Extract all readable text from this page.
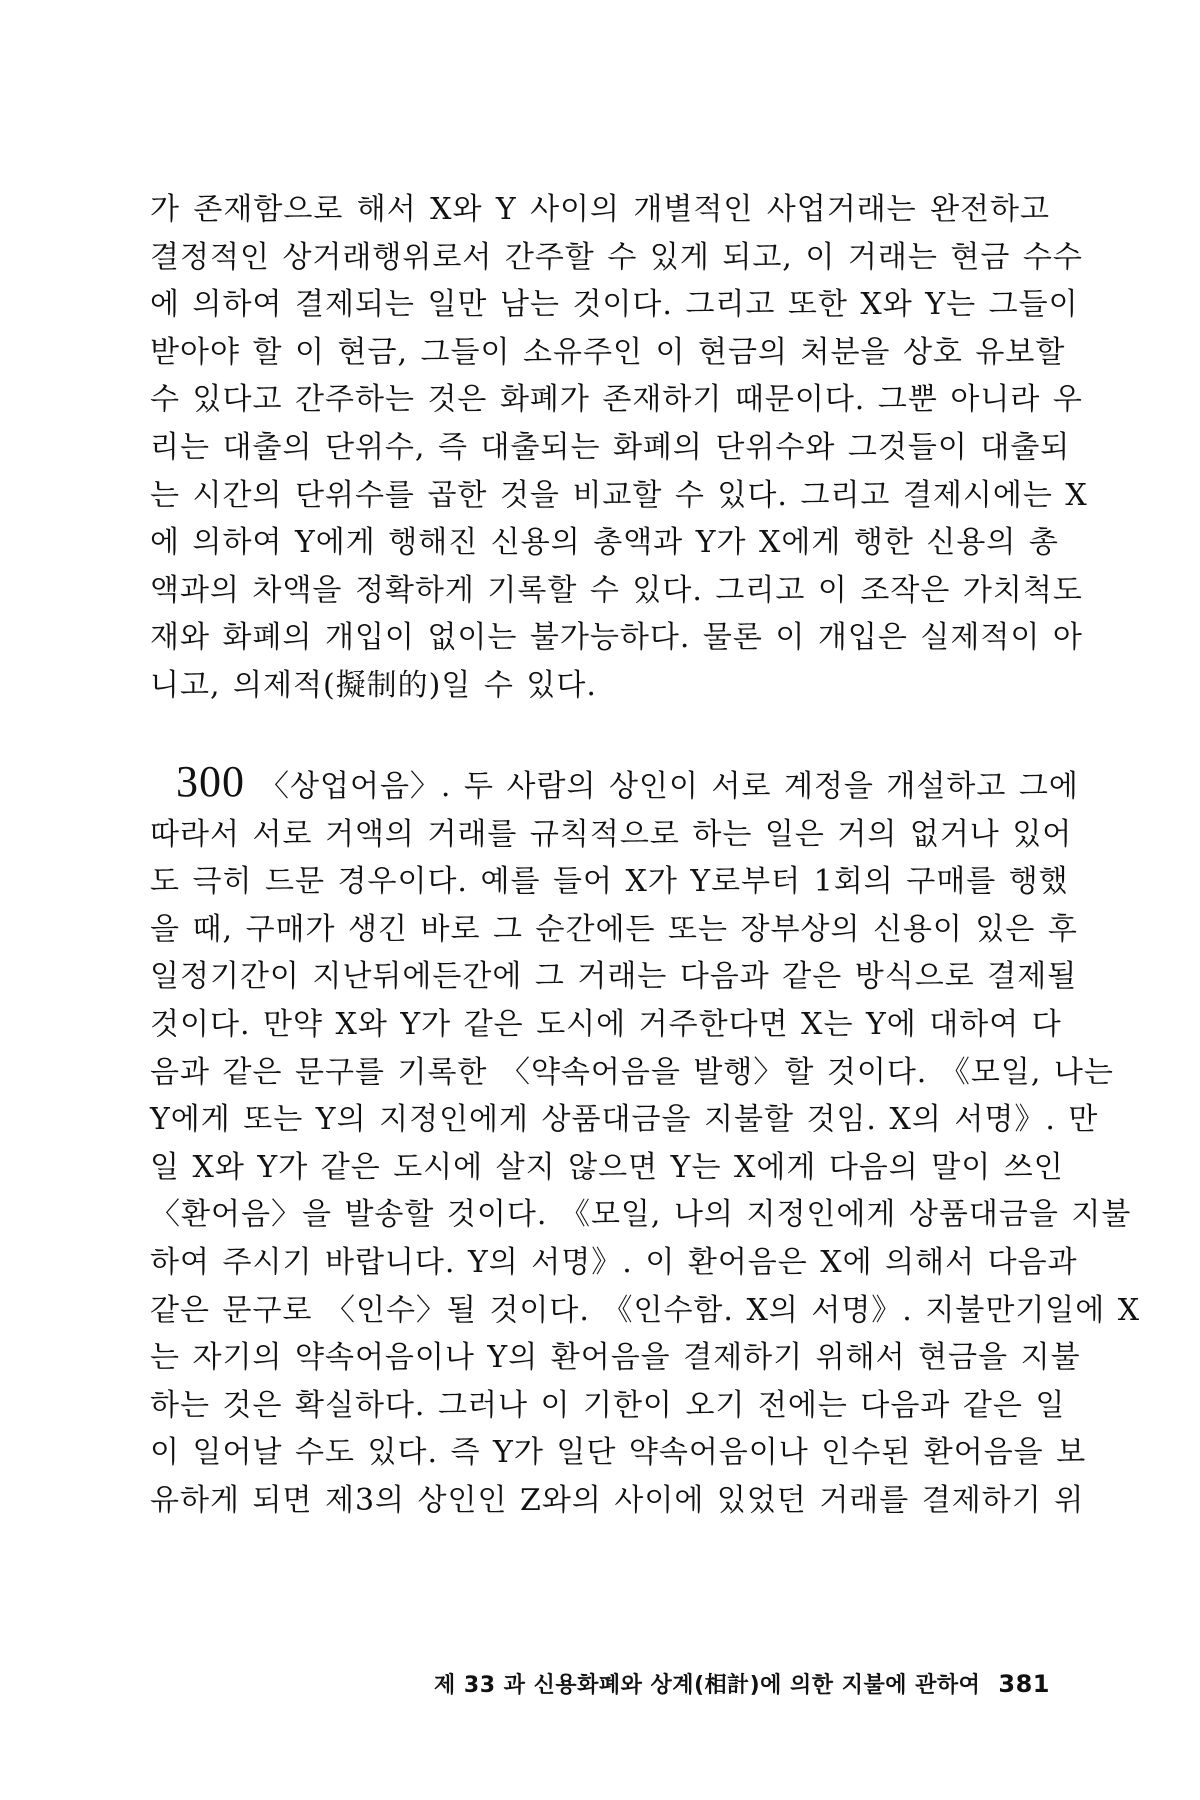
가 존재함으로 해서 X와 Y 사이의 개별적인 사업거래는 완전하고
결정적인 상거래행위로서 간주할 수 있게 되고, 이 거래는 현금 수수
에 의하여 결제되는 일만 남는 것이다. 그리고 또한 X와 Y는 그들이
받아야 할 이 현금, 그들이 소유주인 이 현금의 처분을 상호 유보할
수 있다고 간주하는 것은 화폐가 존재하기 때문이다. 그뿐 아니라 우
리는 대출의 단위수, 즉 대출되는 화폐의 단위수와 그것들이 대출되
는 시간의 단위수를 곱한 것을 비교할 수 있다. 그리고 결제시에는 X
에 의하여 Y에게 행해진 신용의 총액과 Y가 X에게 행한 신용의 총
액과의 차액을 정확하게 기록할 수 있다. 그리고 이 조작은 가치척도
재와 화폐의 개입이 없이는 불가능하다. 물론 이 개입은 실제적이 아
니고, 의제적(擬制的)일 수 있다.
300 〈상업어음〉. 두 사람의 상인이 서로 계정을 개설하고 그에
따라서 서로 거액의 거래를 규칙적으로 하는 일은 거의 없거나 있어
도 극히 드문 경우이다. 예를 들어 X가 Y로부터 1회의 구매를 행했
을 때, 구매가 생긴 바로 그 순간에든 또는 장부상의 신용이 있은 후
일정기간이 지난뒤에든간에 그 거래는 다음과 같은 방식으로 결제될
것이다. 만약 X와 Y가 같은 도시에 거주한다면 X는 Y에 대하여 다
음과 같은 문구를 기록한 〈약속어음을 발행〉할 것이다. 《모일, 나는
Y에게 또는 Y의 지정인에게 상품대금을 지불할 것임. X의 서명》. 만
일 X와 Y가 같은 도시에 살지 않으면 Y는 X에게 다음의 말이 쓰인
〈환어음〉을 발송할 것이다. 《모일, 나의 지정인에게 상품대금을 지불
하여 주시기 바랍니다. Y의 서명》. 이 환어음은 X에 의해서 다음과
같은 문구로 〈인수〉될 것이다. 《인수함. X의 서명》. 지불만기일에 X
는 자기의 약속어음이나 Y의 환어음을 결제하기 위해서 현금을 지불
하는 것은 확실하다. 그러나 이 기한이 오기 전에는 다음과 같은 일
이 일어날 수도 있다. 즉 Y가 일단 약속어음이나 인수된 환어음을 보
유하게 되면 제3의 상인인 Z와의 사이에 있었던 거래를 결제하기 위
제 33 과 신용화폐와 상계(相計)에 의한 지불에 관하여 381
